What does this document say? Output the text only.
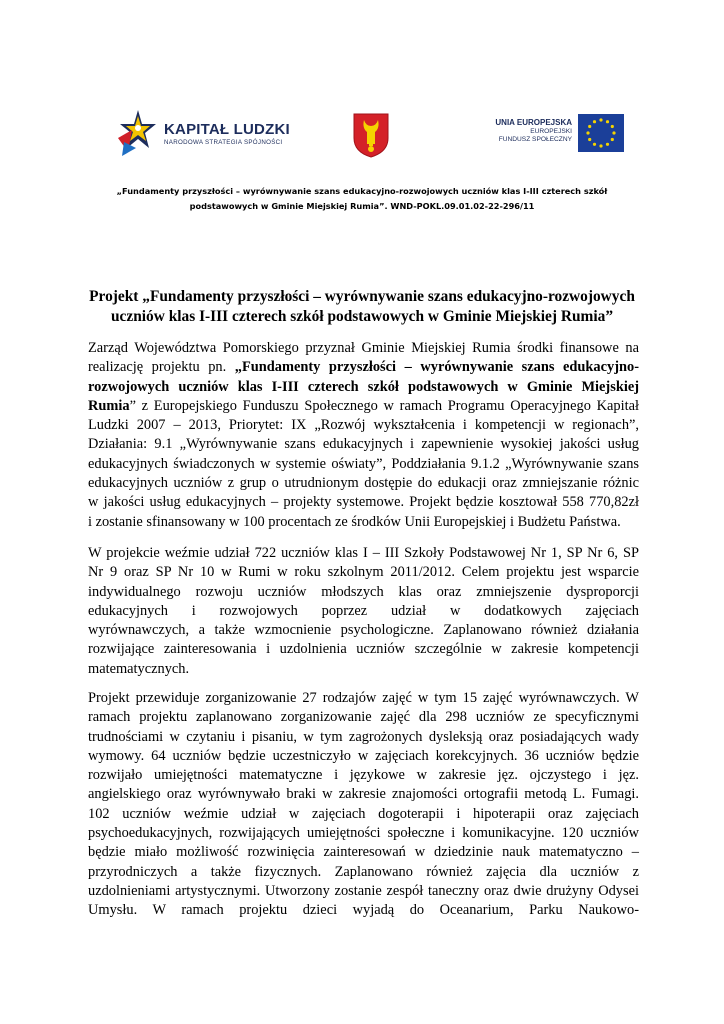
KAPITAŁ LUDZKI
NARODOWA STRATEGIA SPÓJNOŚCI
UNIA EUROPEJSKA
EUROPEJSKI
FUNDUSZ SPOŁECZNY
„Fundamenty przyszłości – wyrównywanie szans edukacyjno-rozwojowych uczniów klas I-III czterech szkół
podstawowych w Gminie Miejskiej Rumia”. WND-POKL.09.01.02-22-296/11
Projekt „Fundamenty przyszłości – wyrównywanie szans edukacyjno-rozwojowych
uczniów klas I-III czterech szkół podstawowych w Gminie Miejskiej Rumia”
Zarząd Województwa Pomorskiego przyznał Gminie Miejskiej Rumia środki finansowe na
realizację projektu pn. „Fundamenty przyszłości – wyrównywanie szans edukacyjno-
rozwojowych uczniów klas I-III czterech szkół podstawowych w Gminie Miejskiej
Rumia” z Europejskiego Funduszu Społecznego w ramach Programu Operacyjnego Kapitał
Ludzki 2007 – 2013, Priorytet: IX „Rozwój wykształcenia i kompetencji w regionach”,
Działania: 9.1 „Wyrównywanie szans edukacyjnych i zapewnienie wysokiej jakości usług
edukacyjnych świadczonych w systemie oświaty”, Poddziałania 9.1.2 „Wyrównywanie szans
edukacyjnych uczniów z grup o utrudnionym dostępie do edukacji oraz zmniejszanie różnic
w jakości usług edukacyjnych – projekty systemowe. Projekt będzie kosztował 558 770,82zł
i zostanie sfinansowany w 100 procentach ze środków Unii Europejskiej i Budżetu Państwa.
W projekcie weźmie udział 722 uczniów klas I – III Szkoły Podstawowej Nr 1, SP Nr 6, SP
Nr 9 oraz SP Nr 10 w Rumi w roku szkolnym 2011/2012. Celem projektu jest wsparcie
indywidualnego rozwoju uczniów młodszych klas oraz zmniejszenie dysproporcji
edukacyjnych i rozwojowych poprzez udział w dodatkowych zajęciach
wyrównawczych, a także wzmocnienie psychologiczne. Zaplanowano również działania
rozwijające zainteresowania i uzdolnienia uczniów szczególnie w zakresie kompetencji
matematycznych.
Projekt przewiduje zorganizowanie 27 rodzajów zajęć w tym 15 zajęć wyrównawczych. W
ramach projektu zaplanowano zorganizowanie zajęć dla 298 uczniów ze specyficznymi
trudnościami w czytaniu i pisaniu, w tym zagrożonych dysleksją oraz posiadających wady
wymowy. 64 uczniów będzie uczestniczyło w zajęciach korekcyjnych. 36 uczniów będzie
rozwijało umiejętności matematyczne i językowe w zakresie jęz. ojczystego i jęz.
angielskiego oraz wyrównywało braki w zakresie znajomości ortografii metodą L. Fumagi.
102 uczniów weźmie udział w zajęciach dogoterapii i hipoterapii oraz zajęciach
psychoedukacyjnych, rozwijających umiejętności społeczne i komunikacyjne. 120 uczniów
będzie miało możliwość rozwinięcia zainteresowań w dziedzinie nauk matematyczno –
przyrodniczych a także fizycznych. Zaplanowano również zajęcia dla uczniów z
uzdolnieniami artystycznymi. Utworzony zostanie zespół taneczny oraz dwie drużyny Odysei
Umysłu. W ramach projektu dzieci wyjadą do Oceanarium, Parku Naukowo-
